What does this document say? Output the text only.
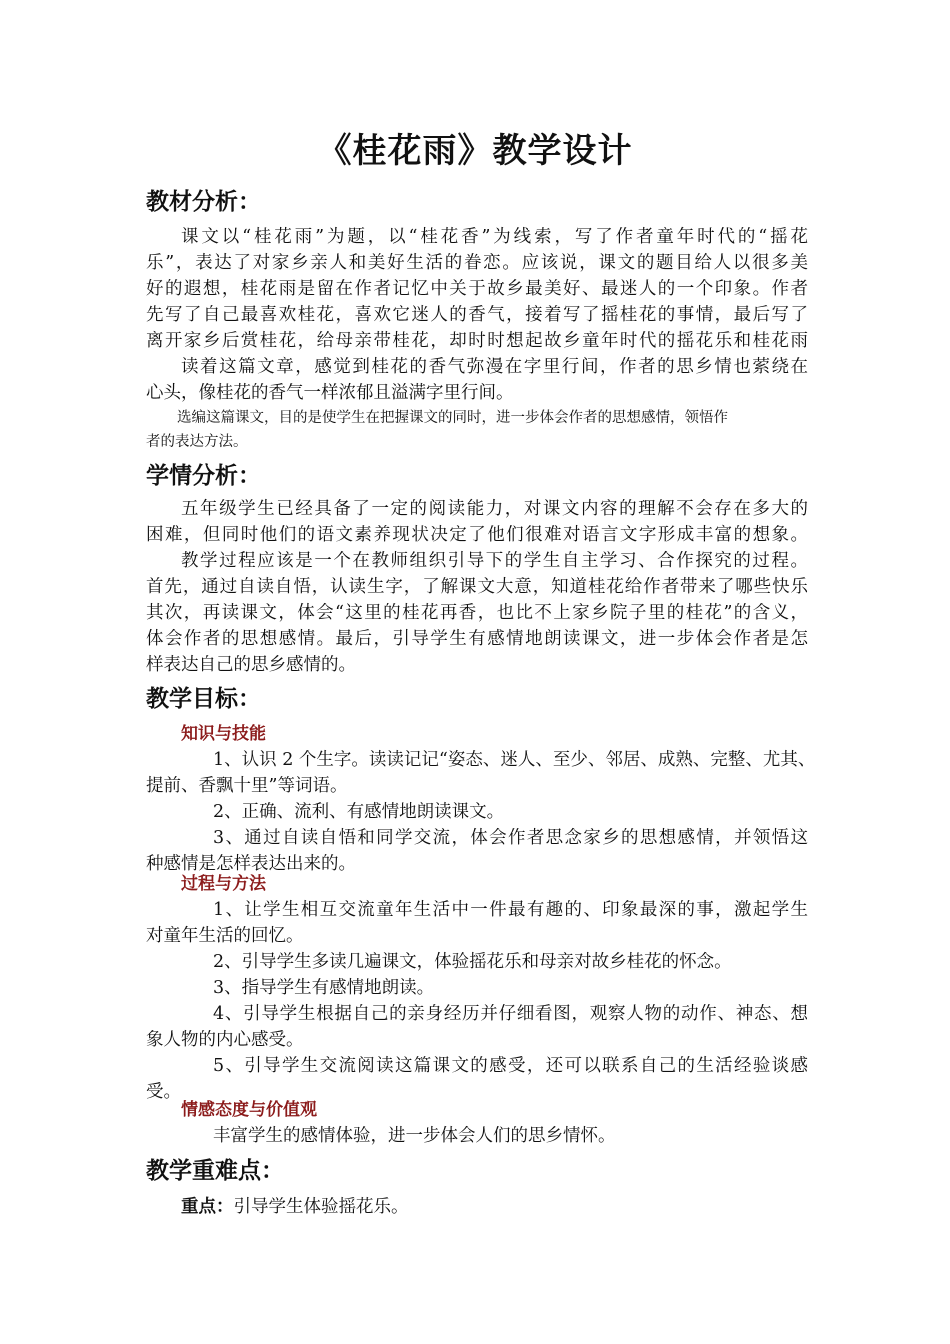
《桂花雨》教学设计
教材分析：

课文以“桂花雨”为题，以“桂花香”为线索，写了作者童年时代的“摇花

乐”，表达了对家乡亲人和美好生活的眷恋。应该说，课文的题目给人以很多美

好的遐想，桂花雨是留在作者记忆中关于故乡最美好、最迷人的一个印象。作者

先写了自己最喜欢桂花，喜欢它迷人的香气，接着写了摇桂花的事情，最后写了

离开家乡后赏桂花，给母亲带桂花，却时时想起故乡童年时代的摇花乐和桂花雨

读着这篇文章，感觉到桂花的香气弥漫在字里行间，作者的思乡情也萦绕在

心头，像桂花的香气一样浓郁且溢满字里行间。

选编这篇课文，目的是使学生在把握课文的同时，进一步体会作者的思想感情，领悟作

者的表达方法。

学情分析：

五年级学生已经具备了一定的阅读能力，对课文内容的理解不会存在多大的

困难，但同时他们的语文素养现状决定了他们很难对语言文字形成丰富的想象。

教学过程应该是一个在教师组织引导下的学生自主学习、合作探究的过程。

首先，通过自读自悟，认读生字，了解课文大意，知道桂花给作者带来了哪些快乐

其次，再读课文，体会“这里的桂花再香，也比不上家乡院子里的桂花”的含义，

体会作者的思想感情。最后，引导学生有感情地朗读课文，进一步体会作者是怎

样表达自己的思乡感情的。

教学目标：

知识与技能

1、认识 2 个生字。读读记记“姿态、迷人、至少、邻居、成熟、完整、尤其、

提前、香飘十里”等词语。

2、正确、流利、有感情地朗读课文。

3、通过自读自悟和同学交流，体会作者思念家乡的思想感情，并领悟这

种感情是怎样表达出来的。

过程与方法

1、让学生相互交流童年生活中一件最有趣的、印象最深的事，激起学生

对童年生活的回忆。

2、引导学生多读几遍课文，体验摇花乐和母亲对故乡桂花的怀念。

3、指导学生有感情地朗读。

4、引导学生根据自己的亲身经历并仔细看图，观察人物的动作、神态、想

象人物的内心感受。

5、引导学生交流阅读这篇课文的感受，还可以联系自己的生活经验谈感

受。

情感态度与价值观

丰富学生的感情体验，进一步体会人们的思乡情怀。

教学重难点：

重点：引导学生体验摇花乐。
